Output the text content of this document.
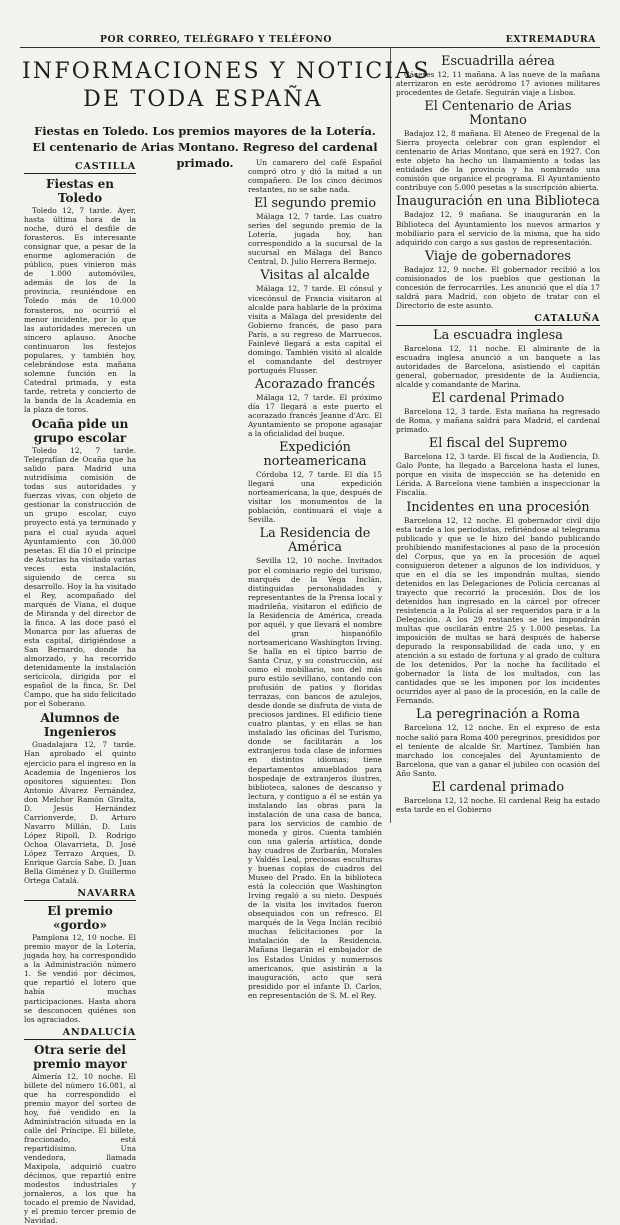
POR CORREO, TELÉGRAFO Y TELÉFONO	EXTREMADURA
INFORMACIONES Y NOTICIAS
DE TODA ESPAÑA
Fiestas en Toledo. Los premios mayores de la Lotería. El centenario de Arias Montano. Regreso del cardenal primado.
CASTILLA
Fiestas en Toledo

Toledo 12, 7 tarde. Ayer, hasta última hora de la noche, duró el desfile de forasteros. Es interesante consignar que, a pesar de la enorme aglomeración de público, pues vinieron más de 1.000 automóviles, además de los de la provincia, reuniéndose en Toledo más de 10.000 forasteros, no ocurrió el menor incidente, por lo que las autoridades merecen un sincero aplauso. Anoche continuaron los festejos populares, y también hoy, celebrándose esta mañana solemne función en la Catedral primada, y esta tarde, retreta y concierto de la banda de la Academia en la plaza de toros.

Ocaña pide un grupo escolar

Toledo 12, 7 tarde. Telegrafían de Ocaña que ha salido para Madrid una nutridísima comisión de todas sus autoridades y fuerzas vivas, con objeto de gestionar la construcción de un grupo escolar, cuyo proyecto está ya terminado y para el cual ayuda aquel Ayuntamiento con 30.000 pesetas. El día 10 el príncipe de Asturias ha visitado varias veces esta instalación, siguiendo de cerca su desarrollo. Hoy la ha visitado el Rey, acompañado del marqués de Viana, el duque de Miranda y del director de la finca. A las doce pasó el Monarca por las afueras de esta capital, dirigiéndose a San Bernardo, donde ha almorzado, y ha recorrido detenidamente la instalación sericícola, dirigida por el español de la finca, Sr. Del Campo, que ha sido felicitado por el Soberano.

Alumnos de Ingenieros

Guadalajara 12, 7 tarde. Han aprobado el quinto ejercicio para el ingreso en la Academia de Ingenieros los opositores siguientes: Don Antonio Álvarez Fernández, don Melchor Ramón Giralta, D. Jesús Hernández Carrionverde, D. Arturo Navarro Millán, D. Luis López Ripoll, D. Rodrigo Ochoa Olavarrieta, D. José López Terrazo Arques, D. Enrique García Sabe, D. Juan Bella Giménez y D. Guillermo Ortega Catalá.

NAVARRA
El premio «gordo»

Pamplona 12, 10 noche. El premio mayor de la Lotería, jugada hoy, ha correspondido a la Administración número 1. Se vendió por décimos, que repartió el lotero que había muchas participaciones. Hasta ahora se desconocen quiénes son los agraciados.

ANDALUCÍA
Otra serie del premio mayor

Almería 12, 10 noche. El billete del número 16.081, al que ha correspondido el premio mayor del sorteo de hoy, fué vendido en la Administración situada en la calle del Príncipe. El billete, fraccionado, está repartidísimo. Una vendedora, llamada Maxipola, adquirió cuatro décimos, que repartió entre modestos industriales y jornaleros, a los que ha tocado el premio de Navidad, y el premio tercer premio de Navidad.

Un camarero del café Español compró otro y dió la mitad a un compañero. De los cinco décimos restantes, no se sabe nada.

El segundo premio

Málaga 12, 7 tarde. Las cuatro series del segundo premio de la Lotería, jugada hoy, han correspondido a la sucursal de la sucursal en Málaga del Banco Central, D. Julio Herrera Bermejo.

Visitas al alcalde

Málaga 12, 7 tarde. El cónsul y vicecónsul de Francia visitaron al alcalde para hablarle de la próxima visita a Málaga del presidente del Gobierno francés, de paso para París, a su regreso de Marruecos. Fainlevé llegará a esta capital el domingo. También visitó al alcalde el comandante del destroyer portugués Flusser.

Acorazado francés

Málaga 12, 7 tarde. El próximo día 17 llegará a este puerto el acorazado francés Jeanne d'Arc. El Ayuntamiento se propone agasajar a la oficialidad del buque.

Expedición norteamericana

Córdoba 12, 7 tarde. El día 15 llegará una expedición norteamericana, la que, después de visitar los monumentos de la población, continuará el viaje a Sevilla.

La Residencia de América

Sevilla 12, 10 noche. Invitados por el comisario regio del turismo, marqués de la Vega Inclán, distinguidas personalidades y representantes de la Prensa local y madrileña, visitaron el edificio de la Residencia de América, creada por aquél, y que llevará el nombre del gran hispanófilo norteamericano Washington Irving. Se halla en el típico barrio de Santa Cruz, y su construcción, así como el mobiliario, son del más puro estilo sevillano, contando con profusión de patios y floridas terrazas, con bancos de azulejos, desde donde se disfruta de vista de preciosos jardines. El edificio tiene cuatro plantas, y en ellas se han instalado las oficinas del Turismo, donde se facilitarán a los extranjeros toda clase de informes en distintos idiomas; tiene departamentos amueblados para hospedaje de extranjeros ilustres, biblioteca, salones de descanso y lectura, y contiguo a él se están ya instalando las obras para la instalación de una casa de banca, para los servicios de cambio de moneda y giros. Cuenta también con una galería artística, donde hay cuadros de Zurbarán, Morales y Valdés Leal, preciosas esculturas y buenas copias de cuadros del Museo del Prado. En la biblioteca está la colección que Washington Irving regaló a su nieto. Después de la visita los invitados fueron obsequiados con un refresco. El marqués de la Vega Inclán recibió muchas felicitaciones por la instalación de la Residencia. Mañana llegarán el embajador de los Estados Unidos y numerosos americanos, que asistirán a la inauguración, acto que será presidido por el infante D. Carlos, en representación de S. M. el Rey.

Escuadrilla aérea

Cáceres 12, 11 mañana. A las nueve de la mañana aterrizaron en este aeródromo 17 aviones militares procedentes de Getafe. Seguirán viaje a Lisboa.

El Centenario de Arias Montano

Badajoz 12, 8 mañana. El Ateneo de Fregenal de la Sierra proyecta celebrar con gran esplendor el centenario de Arias Montano, que será en 1927. Con este objeto ha hecho un llamamiento a todas las entidades de la provincia y ha nombrado una comisión que organice el programa. El Ayuntamiento contribuye con 5.000 pesetas a la suscripción abierta.

Inauguración en una Biblioteca

Badajoz 12, 9 mañana. Se inaugurarán en la Biblioteca del Ayuntamiento los nuevos armarios y mobiliario para el servicio de la misma, que ha sido adquirido con cargo a sus gastos de representación.

Viaje de gobernadores

Badajoz 12, 9 noche. El gobernador recibió a los comisionados de los pueblos que gestionan la concesión de ferrocarriles. Les anunció que el día 17 saldrá para Madrid, con objeto de tratar con el Directorio de este asunto.

CATALUÑA
La escuadra inglesa

Barcelona 12, 11 noche. El almirante de la escuadra inglesa anunció a un banquete a las autoridades de Barcelona, asistiendo el capitán general, gobernador, presidente de la Audiencia, alcalde y comandante de Marina.

El cardenal Primado

Barcelona 12, 3 tarde. Esta mañana ha regresado de Roma, y mañana saldrá para Madrid, el cardenal primado.

El fiscal del Supremo

Barcelona 12, 3 tarde. El fiscal de la Audiencia, D. Galo Ponte, ha llegado a Barcelona hasta el lunes, porque en visita de inspección se ha detenido en Lérida. A Barcelona viene también a inspeccionar la Fiscalía.

Incidentes en una procesión

Barcelona 12, 12 noche. El gobernador civil dijo esta tarde a los periodistas, refiriéndose al telegrama publicado y que se le hizo del bando publicando prohibiendo manifestaciones al paso de la procesión del Corpus, que ya en la procesión de aquel consiguieron detener a algunos de los individuos, y que en el día se les impondrán multas, siendo detenidos en las Delegaciones de Policía cercanas al trayecto que recorrió la procesión. Dos de los detenidos han ingresado en la cárcel por ofrecer resistencia a la Policía al ser requeridos para ir a la Delegación. A los 29 restantes se les impondrán multas que oscilarán entre 25 y 1.000 pesetas. La imposición de multas se hará después de haberse depurado la responsabilidad de cada uno, y en atención a su estado de fortuna y al grado de cultura de los detenidos. Por la noche ha facilitado el gobernador la lista de los multados, con las cantidades que se les imponen por los incidentes ocurridos ayer al paso de la procesión, en la calle de Fernando.

La peregrinación a Roma

Barcelona 12, 12 noche. En el expreso de esta noche salió para Roma 400 peregrinos, presididos por el teniente de alcalde Sr. Martínez. También han marchado los concejales del Ayuntamiento de Barcelona, que van a ganar el jubileo con ocasión del Año Santo.

El cardenal primado

Barcelona 12, 12 noche. El cardenal Reig ha estado esta tarde en el Gobierno
